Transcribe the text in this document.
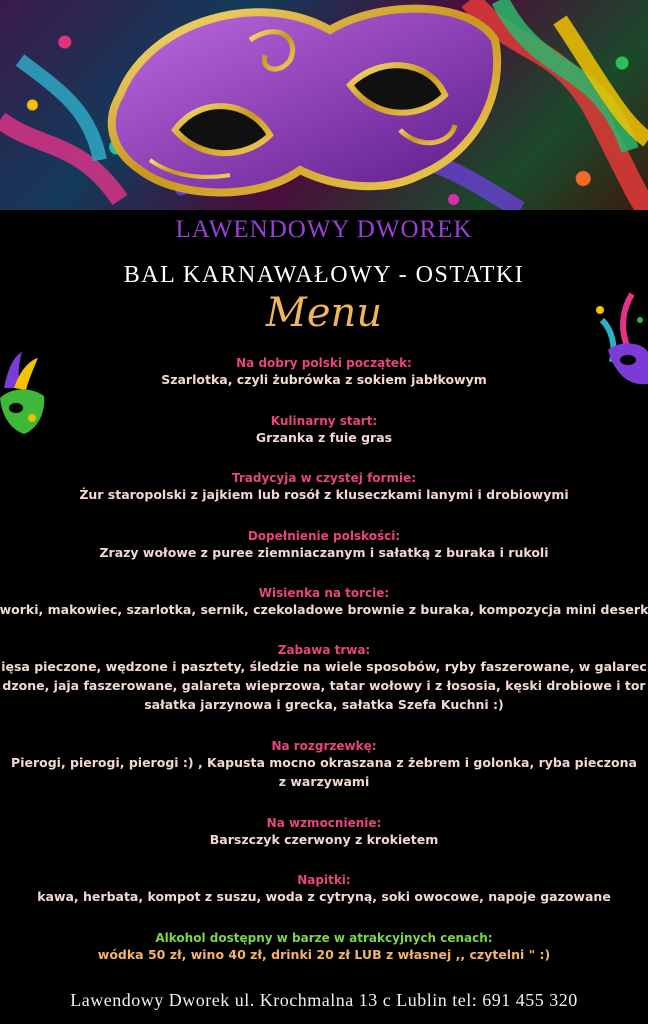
LAWENDOWY DWOREK
BAL KARNAWAŁOWY - OSTATKI
Menu
Na dobry polski początek:
Szarlotka, czyli żubrówka z sokiem jabłkowym
Kulinarny start:
Grzanka z fuie gras
Tradycyja w czystej formie:
Żur staropolski z jajkiem lub rosół z kluseczkami lanymi i drobiowymi
Dopełnienie polskości:
Zrazy wołowe z puree ziemniaczanym i sałatką z buraka i rukoli
Wisienka na torcie:
worki, makowiec, szarlotka, sernik, czekoladowe brownie z buraka, kompozycja mini deserk
Zabawa trwa:
ięsa pieczone, wędzone i pasztety, śledzie na wiele sposobów, ryby faszerowane, w galarec
dzone, jaja faszerowane, galareta wieprzowa, tatar wołowy i z łososia, kęski drobiowe i tor
sałatka jarzynowa i grecka, sałatka Szefa Kuchni :)
Na rozgrzewkę:
Pierogi, pierogi, pierogi :) , Kapusta mocno okraszana z żebrem i golonka, ryba pieczona
z warzywami
Na wzmocnienie:
Barszczyk czerwony z krokietem
Napitki:
kawa, herbata, kompot z suszu, woda z cytryną, soki owocowe, napoje gazowane
Alkohol dostępny w barze w atrakcyjnych cenach:
wódka 50 zł, wino 40 zł, drinki 20 zł LUB z własnej ,, czytelni " :)
Lawendowy Dworek ul. Krochmalna 13 c Lublin tel: 691 455 320
